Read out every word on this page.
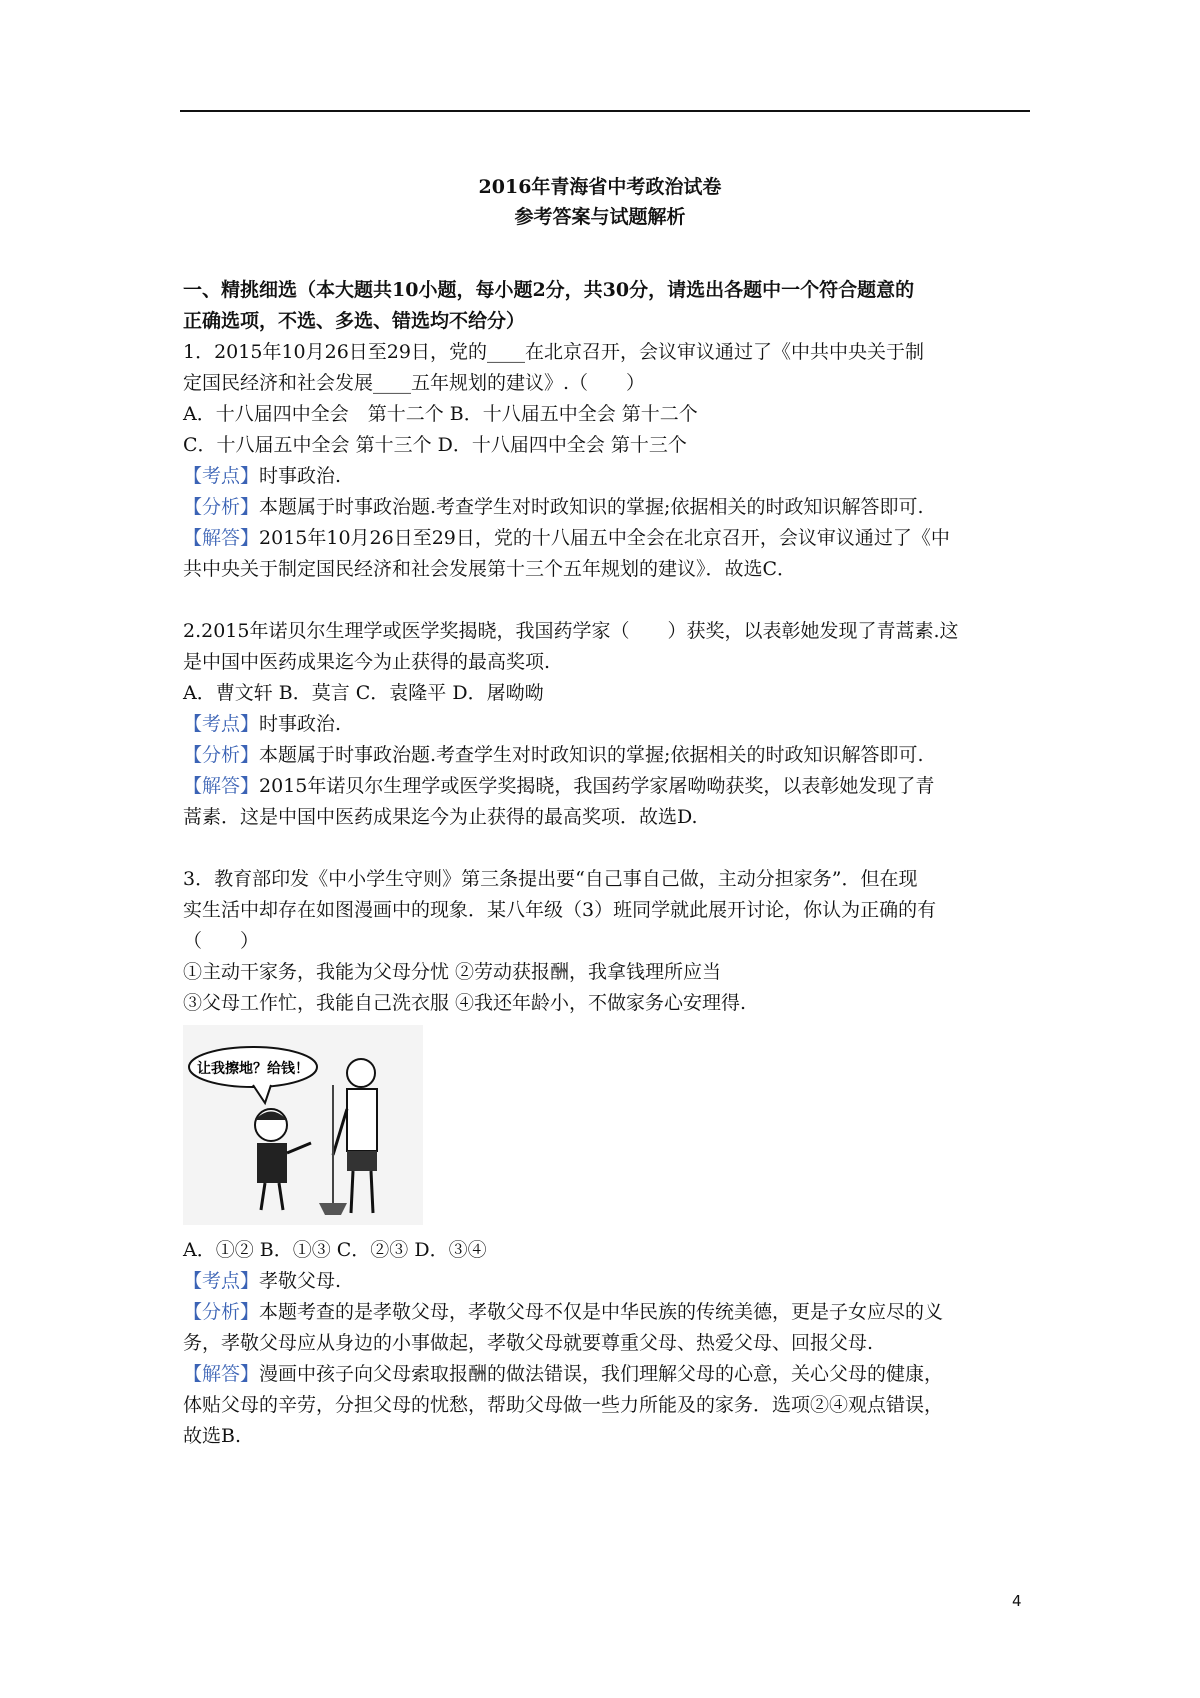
2016年青海省中考政治试卷
参考答案与试题解析

一、精挑细选（本大题共10小题，每小题2分，共30分，请选出各题中一个符合题意的

正确选项，不选、多选、错选均不给分）

1．2015年10月26日至29日，党的____在北京召开，会议审议通过了《中共中央关于制

定国民经济和社会发展____五年规划的建议》.（　　）

A．十八届四中全会　第十二个 B．十八届五中全会 第十二个

C．十八届五中全会 第十三个 D．十八届四中全会 第十三个

【考点】时事政治.

【分析】本题属于时事政治题.考查学生对时政知识的掌握;依据相关的时政知识解答即可.

【解答】2015年10月26日至29日，党的十八届五中全会在北京召开，会议审议通过了《中

共中央关于制定国民经济和社会发展第十三个五年规划的建议》．故选C．

2.2015年诺贝尔生理学或医学奖揭晓，我国药学家（　　）获奖，以表彰她发现了青蒿素.这

是中国中医药成果迄今为止获得的最高奖项.

A．曹文轩 B．莫言 C．袁隆平 D．屠呦呦

【考点】时事政治.

【分析】本题属于时事政治题.考查学生对时政知识的掌握;依据相关的时政知识解答即可.

【解答】2015年诺贝尔生理学或医学奖揭晓，我国药学家屠呦呦获奖，以表彰她发现了青

蒿素．这是中国中医药成果迄今为止获得的最高奖项．故选D.

3．教育部印发《中小学生守则》第三条提出要“自己事自己做，主动分担家务”．但在现

实生活中却存在如图漫画中的现象．某八年级（3）班同学就此展开讨论，你认为正确的有

（　　）

①主动干家务，我能为父母分忧 ②劳动获报酬，我拿钱理所应当

③父母工作忙，我能自己洗衣服 ④我还年龄小，不做家务心安理得.

让我擦地？给钱！

A．①② B．①③ C．②③ D．③④

【考点】孝敬父母.

【分析】本题考查的是孝敬父母，孝敬父母不仅是中华民族的传统美德，更是子女应尽的义

务，孝敬父母应从身边的小事做起，孝敬父母就要尊重父母、热爱父母、回报父母.

【解答】漫画中孩子向父母索取报酬的做法错误，我们理解父母的心意，关心父母的健康，

体贴父母的辛劳，分担父母的忧愁，帮助父母做一些力所能及的家务．选项②④观点错误，

故选B.

4
